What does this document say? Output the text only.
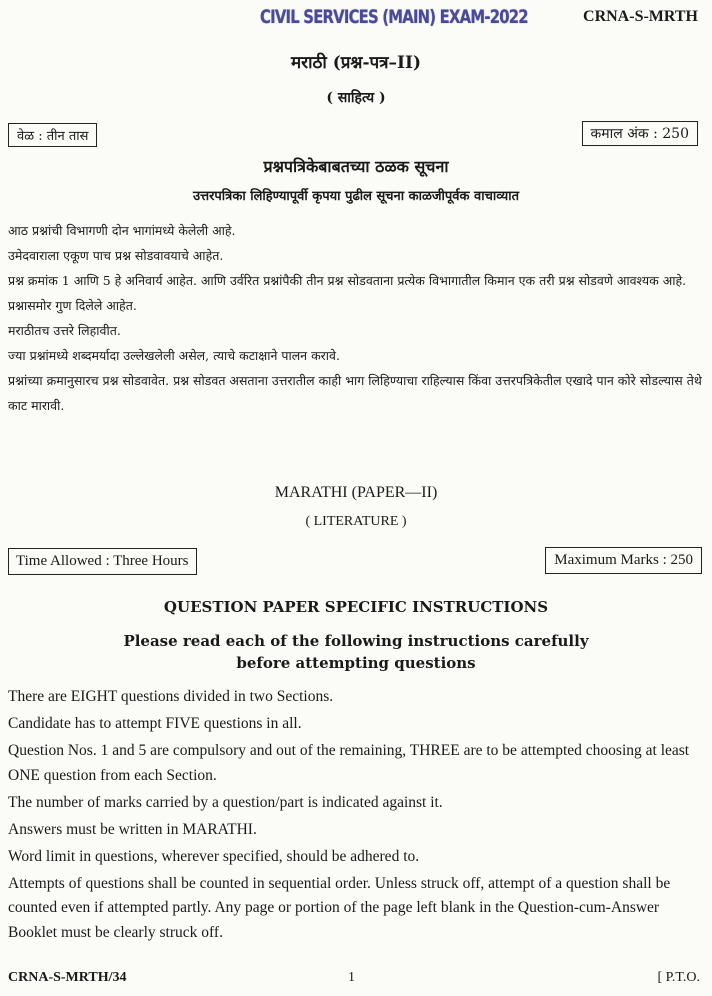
CIVIL SERVICES (MAIN) EXAM-2022	CRNA-S-MRTH
मराठी (प्रश्न-पत्र–II)
( साहित्य )
वेळ : तीन तास	कमाल अंक : 250
प्रश्नपत्रिकेबाबतच्या ठळक सूचना
उत्तरपत्रिका लिहिण्यापूर्वी कृपया पुढील सूचना काळजीपूर्वक वाचाव्यात
आठ प्रश्नांची विभागणी दोन भागांमध्ये केलेली आहे.
उमेदवाराला एकूण पाच प्रश्न सोडवावयाचे आहेत.
प्रश्न क्रमांक 1 आणि 5 हे अनिवार्य आहेत. आणि उर्वरित प्रश्नांपैकी तीन प्रश्न सोडवताना प्रत्येक विभागातील किमान एक तरी प्रश्न सोडवणे आवश्यक आहे.
प्रश्नासमोर गुण दिलेले आहेत.
मराठीतच उत्तरे लिहावीत.
ज्या प्रश्नांमध्ये शब्दमर्यादा उल्लेखलेली असेल, त्याचे कटाक्षाने पालन करावे.
प्रश्नांच्या क्रमानुसारच प्रश्न सोडवावेत. प्रश्न सोडवत असताना उत्तरातील काही भाग लिहिण्याचा राहिल्यास किंवा उत्तरपत्रिकेतील एखादे पान कोरे सोडल्यास तेथे काट मारावी.
MARATHI (PAPER—II)
( LITERATURE )
Time Allowed : Three Hours	Maximum Marks : 250
QUESTION PAPER SPECIFIC INSTRUCTIONS
Please read each of the following instructions carefully
before attempting questions
There are EIGHT questions divided in two Sections.
Candidate has to attempt FIVE questions in all.
Question Nos. 1 and 5 are compulsory and out of the remaining, THREE are to be attempted choosing at least ONE question from each Section.
The number of marks carried by a question/part is indicated against it.
Answers must be written in MARATHI.
Word limit in questions, wherever specified, should be adhered to.
Attempts of questions shall be counted in sequential order. Unless struck off, attempt of a question shall be counted even if attempted partly. Any page or portion of the page left blank in the Question-cum-Answer Booklet must be clearly struck off.
CRNA-S-MRTH/34	1	[ P.T.O.
